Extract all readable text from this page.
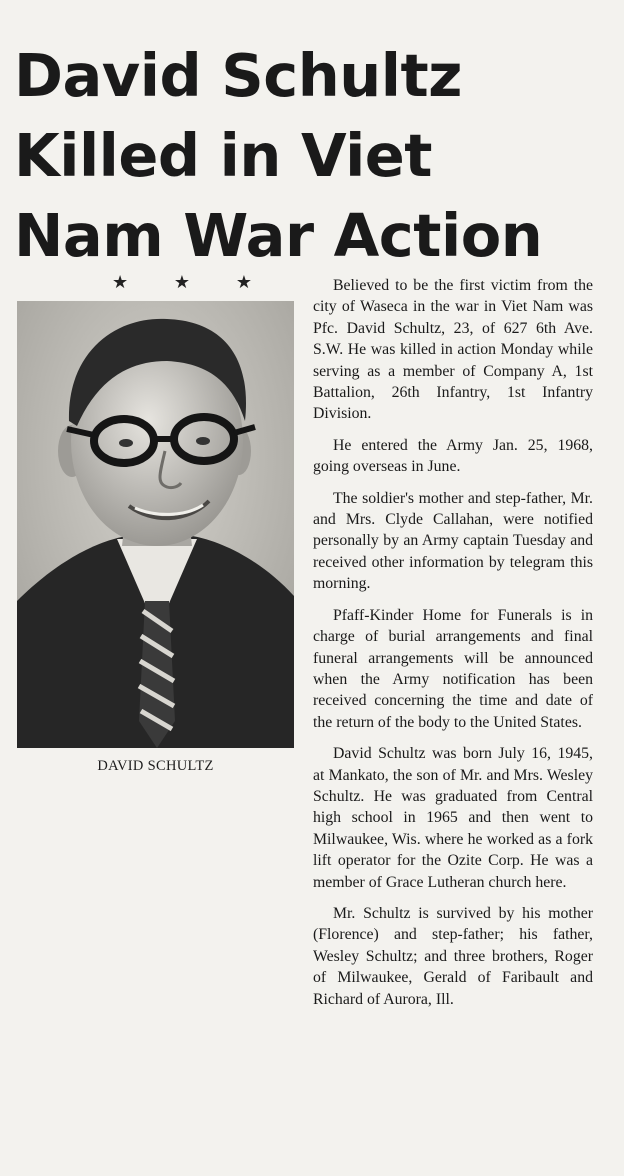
David Schultz
Killed in Viet
Nam War Action
★	★	★
DAVID SCHULTZ

Believed to be the first victim from the city of Waseca in the war in Viet Nam was Pfc. David Schultz, 23, of 627 6th Ave. S.W. He was killed in action Monday while serving as a member of Company A, 1st Battalion, 26th Infantry, 1st Infantry Division.

He entered the Army Jan. 25, 1968, going overseas in June.

The soldier's mother and step-father, Mr. and Mrs. Clyde Callahan, were notified personally by an Army captain Tuesday and received other information by telegram this morning.

Pfaff-Kinder Home for Funerals is in charge of burial arrangements and final funeral arrangements will be announced when the Army notification has been received concerning the time and date of the return of the body to the United States.

David Schultz was born July 16, 1945, at Mankato, the son of Mr. and Mrs. Wesley Schultz. He was graduated from Central high school in 1965 and then went to Milwaukee, Wis. where he worked as a fork lift operator for the Ozite Corp. He was a member of Grace Lutheran church here.

Mr. Schultz is survived by his mother (Florence) and step-father; his father, Wesley Schultz; and three brothers, Roger of Milwaukee, Gerald of Faribault and Richard of Aurora, Ill.
